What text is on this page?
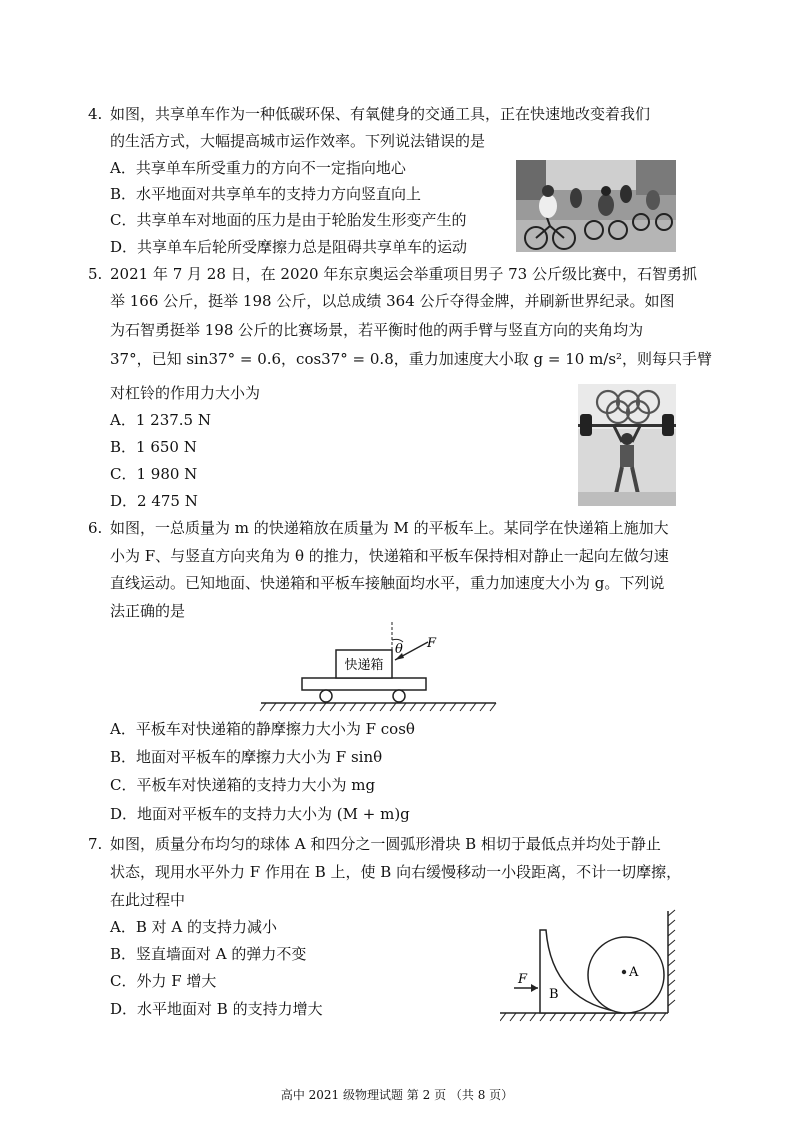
4. 如图，共享单车作为一种低碳环保、有氧健身的交通工具，正在快速地改变着我们
的生活方式，大幅提高城市运作效率。下列说法错误的是
A．共享单车所受重力的方向不一定指向地心
B．水平地面对共享单车的支持力方向竖直向上
C．共享单车对地面的压力是由于轮胎发生形变产生的
D．共享单车后轮所受摩擦力总是阻碍共享单车的运动
5. 2021 年 7 月 28 日，在 2020 年东京奥运会举重项目男子 73 公斤级比赛中，石智勇抓
举 166 公斤，挺举 198 公斤，以总成绩 364 公斤夺得金牌，并刷新世界纪录。如图
为石智勇挺举 198 公斤的比赛场景，若平衡时他的两手臂与竖直方向的夹角均为
37°，已知 sin37° = 0.6，cos37° = 0.8，重力加速度大小取 g = 10 m/s²，则每只手臂
对杠铃的作用力大小为
A．1 237.5 N
B．1 650 N
C．1 980 N
D．2 475 N
6. 如图，一总质量为 m 的快递箱放在质量为 M 的平板车上。某同学在快递箱上施加大
小为 F、与竖直方向夹角为 θ 的推力，快递箱和平板车保持相对静止一起向左做匀速
直线运动。已知地面、快递箱和平板车接触面均水平，重力加速度大小为 g。下列说
法正确的是
快递箱
θ F
A．平板车对快递箱的静摩擦力大小为 F cosθ
B．地面对平板车的摩擦力大小为 F sinθ
C．平板车对快递箱的支持力大小为 mg
D．地面对平板车的支持力大小为 (M + m)g
7. 如图，质量分布均匀的球体 A 和四分之一圆弧形滑块 B 相切于最低点并均处于静止
状态，现用水平外力 F 作用在 B 上，使 B 向右缓慢移动一小段距离，不计一切摩擦，
在此过程中
A．B 对 A 的支持力减小
B．竖直墙面对 A 的弹力不变
C．外力 F 增大
D．水平地面对 B 的支持力增大
A
B
F
高中 2021 级物理试题 第 2 页 （共 8 页）
